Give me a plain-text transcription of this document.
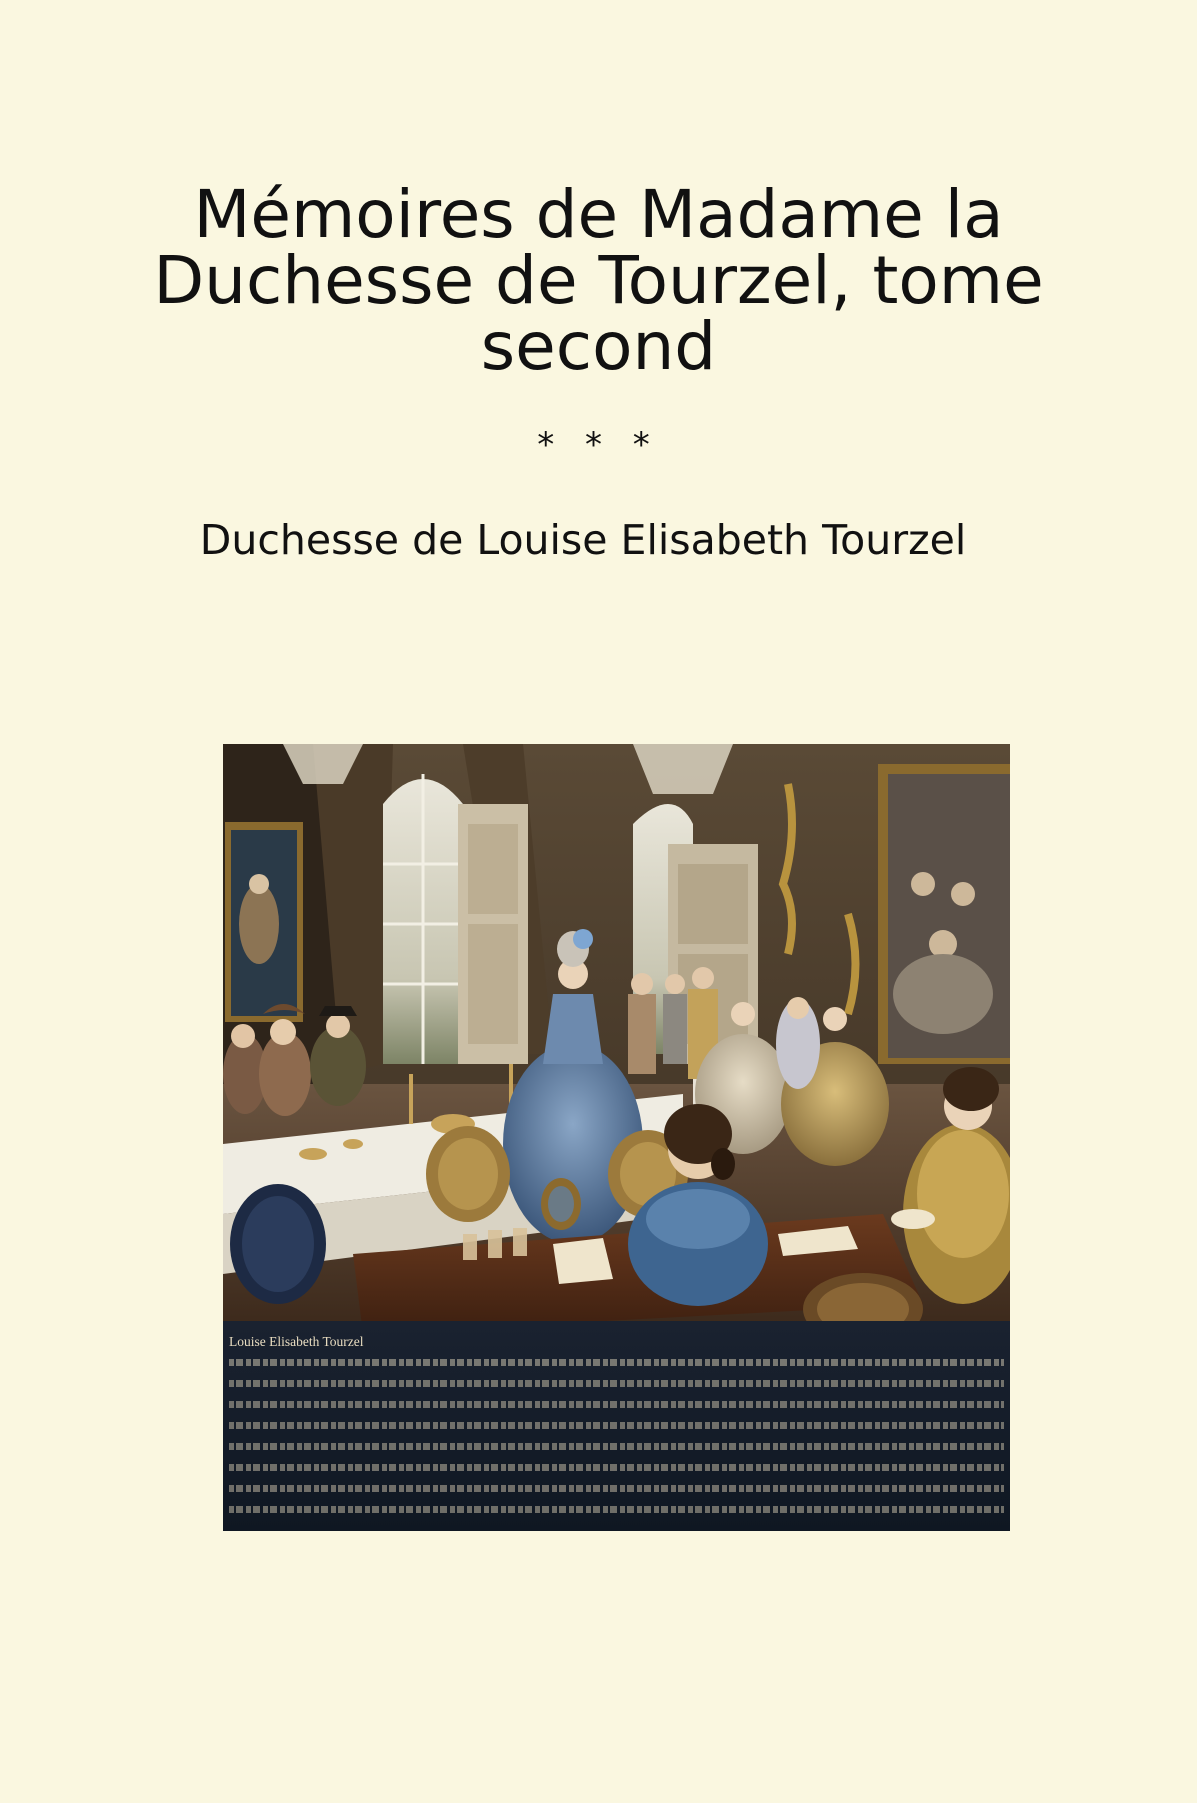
Mémoires de Madame la Duchesse de Tourzel, tome second
* * *
Duchesse de Louise Elisabeth Tourzel
Louise Elisabeth Tourzel
